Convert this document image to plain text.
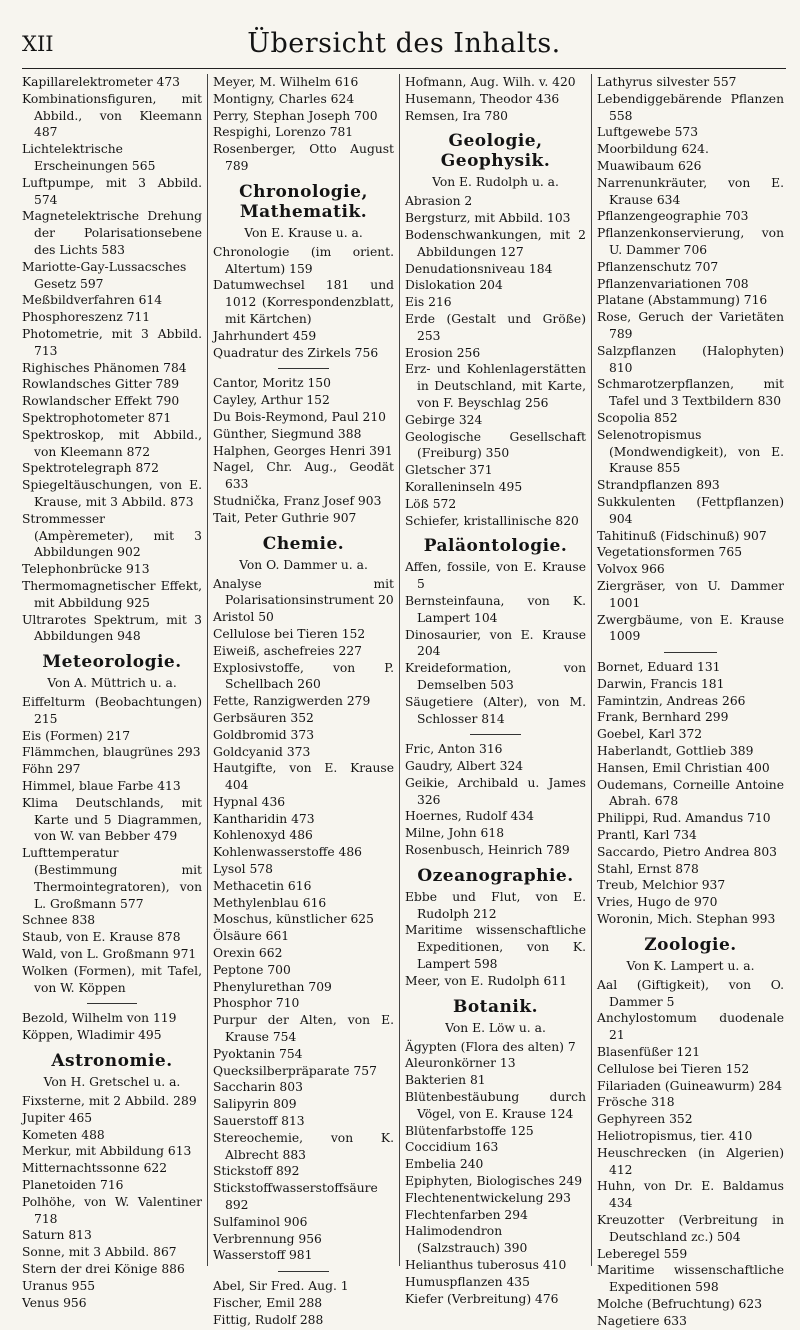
XII	Übersicht des Inhalts.
Kapillarelektrometer 473
Kombinationsfiguren, mit Abbild., von Kleemann 487
Lichtelektrische Erscheinungen 565
Luftpumpe, mit 3 Abbild. 574
Magnetelektrische Drehung der Polarisationsebene des Lichts 583
Mariotte-Gay-Lussacsches Gesetz 597
Meßbildverfahren 614
Phosphoreszenz 711
Photometrie, mit 3 Abbild. 713
Righisches Phänomen 784
Rowlandsches Gitter 789
Rowlandscher Effekt 790
Spektrophotometer 871
Spektroskop, mit Abbild., von Kleemann 872
Spektrotelegraph 872
Spiegeltäuschungen, von E. Krause, mit 3 Abbild. 873
Strommesser (Ampèremeter), mit 3 Abbildungen 902
Telephonbrücke 913
Thermomagnetischer Effekt, mit Abbildung 925
Ultrarotes Spektrum, mit 3 Abbildungen 948
Meteorologie.
Von A. Müttrich u. a.
Eiffelturm (Beobachtungen) 215
Eis (Formen) 217
Flämmchen, blaugrünes 293
Föhn 297
Himmel, blaue Farbe 413
Klima Deutschlands, mit Karte und 5 Diagrammen, von W. van Bebber 479
Lufttemperatur (Bestimmung mit Thermointegratoren), von L. Großmann 577
Schnee 838
Staub, von E. Krause 878
Wald, von L. Großmann 971
Wolken (Formen), mit Tafel, von W. Köppen
Bezold, Wilhelm von 119
Köppen, Wladimir 495
Astronomie.
Von H. Gretschel u. a.
Fixsterne, mit 2 Abbild. 289
Jupiter 465
Kometen 488
Merkur, mit Abbildung 613
Mitternachtssonne 622
Planetoiden 716
Polhöhe, von W. Valentiner 718
Saturn 813
Sonne, mit 3 Abbild. 867
Stern der drei Könige 886
Uranus 955
Venus 956
Meyer, M. Wilhelm 616
Montigny, Charles 624
Perry, Stephan Joseph 700
Respighi, Lorenzo 781
Rosenberger, Otto August 789
Chronologie, Mathematik.
Von E. Krause u. a.
Chronologie (im orient. Altertum) 159
Datumwechsel 181 und 1012 (Korrespondenzblatt, mit Kärtchen)
Jahrhundert 459
Quadratur des Zirkels 756
Cantor, Moritz 150
Cayley, Arthur 152
Du Bois-Reymond, Paul 210
Günther, Siegmund 388
Halphen, Georges Henri 391
Nagel, Chr. Aug., Geodät 633
Studnička, Franz Josef 903
Tait, Peter Guthrie 907
Chemie.
Von O. Dammer u. a.
Analyse mit Polarisationsinstrument 20
Aristol 50
Cellulose bei Tieren 152
Eiweiß, aschefreies 227
Explosivstoffe, von P. Schellbach 260
Fette, Ranzigwerden 279
Gerbsäuren 352
Goldbromid 373
Goldcyanid 373
Hautgifte, von E. Krause 404
Hypnal 436
Kantharidin 473
Kohlenoxyd 486
Kohlenwasserstoffe 486
Lysol 578
Methacetin 616
Methylenblau 616
Moschus, künstlicher 625
Ölsäure 661
Orexin 662
Peptone 700
Phenylurethan 709
Phosphor 710
Purpur der Alten, von E. Krause 754
Pyoktanin 754
Quecksilberpräparate 757
Saccharin 803
Salipyrin 809
Sauerstoff 813
Stereochemie, von K. Albrecht 883
Stickstoff 892
Stickstoffwasserstoffsäure 892
Sulfaminol 906
Verbrennung 956
Wasserstoff 981
Abel, Sir Fred. Aug. 1
Fischer, Emil 288
Fittig, Rudolf 288
Hofmann, Aug. Wilh. v. 420
Husemann, Theodor 436
Remsen, Ira 780
Geologie, Geophysik.
Von E. Rudolph u. a.
Abrasion 2
Bergsturz, mit Abbild. 103
Bodenschwankungen, mit 2 Abbildungen 127
Denudationsniveau 184
Dislokation 204
Eis 216
Erde (Gestalt und Größe) 253
Erosion 256
Erz- und Kohlenlagerstätten in Deutschland, mit Karte, von F. Beyschlag 256
Gebirge 324
Geologische Gesellschaft (Freiburg) 350
Gletscher 371
Koralleninseln 495
Löß 572
Schiefer, kristallinische 820
Paläontologie.
Affen, fossile, von E. Krause 5
Bernsteinfauna, von K. Lampert 104
Dinosaurier, von E. Krause 204
Kreideformation, von Demselben 503
Säugetiere (Alter), von M. Schlosser 814
Fric, Anton 316
Gaudry, Albert 324
Geikie, Archibald u. James 326
Hoernes, Rudolf 434
Milne, John 618
Rosenbusch, Heinrich 789
Ozeanographie.
Ebbe und Flut, von E. Rudolph 212
Maritime wissenschaftliche Expeditionen, von K. Lampert 598
Meer, von E. Rudolph 611
Botanik.
Von E. Löw u. a.
Ägypten (Flora des alten) 7
Aleuronkörner 13
Bakterien 81
Blütenbestäubung durch Vögel, von E. Krause 124
Blütenfarbstoffe 125
Coccidium 163
Embelia 240
Epiphyten, Biologisches 249
Flechtenentwickelung 293
Flechtenfarben 294
Halimodendron (Salzstrauch) 390
Helianthus tuberosus 410
Humuspflanzen 435
Kiefer (Verbreitung) 476
Lathyrus silvester 557
Lebendiggebärende Pflanzen 558
Luftgewebe 573
Moorbildung 624.
Muawibaum 626
Narrenunkräuter, von E. Krause 634
Pflanzengeographie 703
Pflanzenkonservierung, von U. Dammer 706
Pflanzenschutz 707
Pflanzenvariationen 708
Platane (Abstammung) 716
Rose, Geruch der Varietäten 789
Salzpflanzen (Halophyten) 810
Schmarotzerpflanzen, mit Tafel und 3 Textbildern 830
Scopolia 852
Selenotropismus (Mondwendigkeit), von E. Krause 855
Strandpflanzen 893
Sukkulenten (Fettpflanzen) 904
Tahitinuß (Fidschinuß) 907
Vegetationsformen 765
Volvox 966
Ziergräser, von U. Dammer 1001
Zwergbäume, von E. Krause 1009
Bornet, Eduard 131
Darwin, Francis 181
Famintzin, Andreas 266
Frank, Bernhard 299
Goebel, Karl 372
Haberlandt, Gottlieb 389
Hansen, Emil Christian 400
Oudemans, Corneille Antoine Abrah. 678
Philippi, Rud. Amandus 710
Prantl, Karl 734
Saccardo, Pietro Andrea 803
Stahl, Ernst 878
Treub, Melchior 937
Vries, Hugo de 970
Woronin, Mich. Stephan 993
Zoologie.
Von K. Lampert u. a.
Aal (Giftigkeit), von O. Dammer 5
Anchylostomum duodenale 21
Blasenfüßer 121
Cellulose bei Tieren 152
Filariaden (Guineawurm) 284
Frösche 318
Gephyreen 352
Heliotropismus, tier. 410
Heuschrecken (in Algerien) 412
Huhn, von Dr. E. Baldamus 434
Kreuzotter (Verbreitung in Deutschland zc.) 504
Leberegel 559
Maritime wissenschaftliche Expeditionen 598
Molche (Befruchtung) 623
Nagetiere 633
